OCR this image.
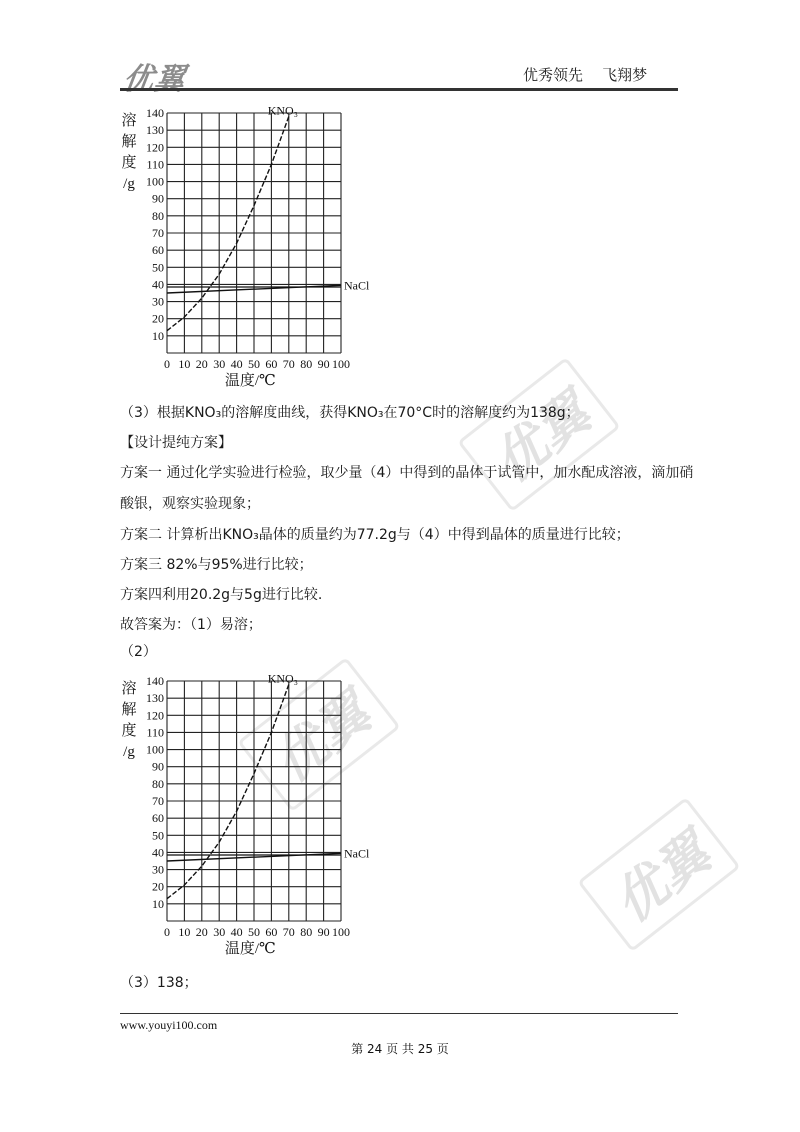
优翼	优秀领先    飞翔梦
优翼
优翼
优翼
10
20
30
40
50
60
70
80
90
100
110
120
130
140
0 10 20 30 40 50 60 70 80 90 100
溶
解
度
/g
温度/℃
KNO₃
NaCl
（3）根据KNO₃的溶解度曲线，获得KNO₃在70°C时的溶解度约为138g；
【设计提纯方案】
方案一 通过化学实验进行检验，取少量（4）中得到的晶体于试管中，加水配成溶液，滴加硝
酸银，观察实验现象；
方案二 计算析出KNO₃晶体的质量约为77.2g与（4）中得到晶体的质量进行比较；
方案三 82%与95%进行比较；
方案四利用20.2g与5g进行比较.
故答案为：（1）易溶；
（2）
10
20
30
40
50
60
70
80
90
100
110
120
130
140
0 10 20 30 40 50 60 70 80 90 100
溶
解
度
/g
温度/℃
KNO₃
NaCl
（3）138；
www.youyi100.com
第 24 页 共 25 页
